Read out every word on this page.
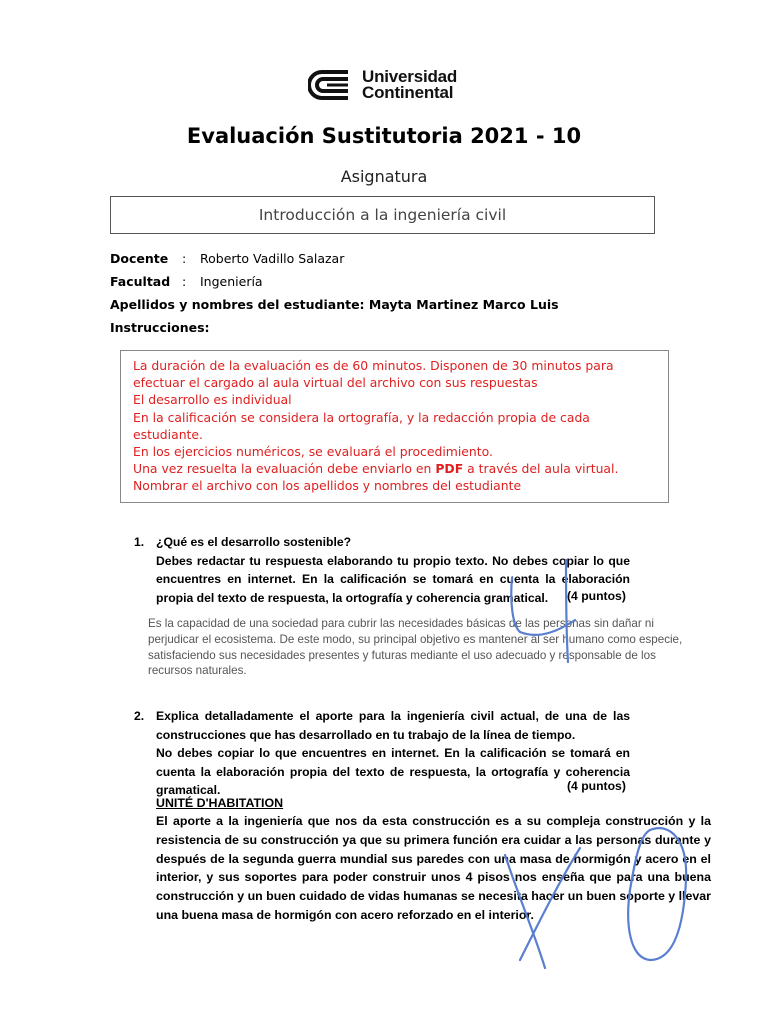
Universidad
Continental
Evaluación Sustitutoria 2021 - 10
Asignatura
Introducción a la ingeniería civil
Docente : Roberto Vadillo Salazar
Facultad : Ingeniería
Apellidos y nombres del estudiante: Mayta Martinez Marco Luis
Instrucciones:

La duración de la evaluación es de 60 minutos. Disponen de 30 minutos para efectuar el cargado al aula virtual del archivo con sus respuestas

El desarrollo es individual

En la calificación se considera la ortografía, y la redacción propia de cada estudiante.

En los ejercicios numéricos, se evaluará el procedimiento.

Una vez resuelta la evaluación debe enviarlo en PDF a través del aula virtual.

Nombrar el archivo con los apellidos y nombres del estudiante

1. ¿Qué es el desarrollo sostenible?

Debes redactar tu respuesta elaborando tu propio texto. No debes copiar lo que encuentres en internet. En la calificación se tomará en cuenta la elaboración propia del texto de respuesta, la ortografía y coherencia gramatical.	(4 puntos)

Es la capacidad de una sociedad para cubrir las necesidades básicas de las personas sin dañar ni perjudicar el ecosistema. De este modo, su principal objetivo es mantener al ser humano como especie, satisfaciendo sus necesidades presentes y futuras mediante el uso adecuado y responsable de los recursos naturales.

2. Explica detalladamente el aporte para la ingeniería civil actual, de una de las construcciones que has desarrollado en tu trabajo de la línea de tiempo.

No debes copiar lo que encuentres en internet. En la calificación se tomará en cuenta la elaboración propia del texto de respuesta, la ortografía y coherencia gramatical.	(4 puntos)
UNITÉ D'HABITATION

El aporte a la ingeniería que nos da esta construcción es a su compleja construcción y la resistencia de su construcción ya que su primera función era cuidar a las personas durante y después de la segunda guerra mundial sus paredes con una masa de hormigón y acero en el interior, y sus soportes para poder construir unos 4 pisos nos enseña que para una buena construcción y un buen cuidado de vidas humanas se necesita hacer un buen soporte y llevar una buena masa de hormigón con acero reforzado en el interior.
